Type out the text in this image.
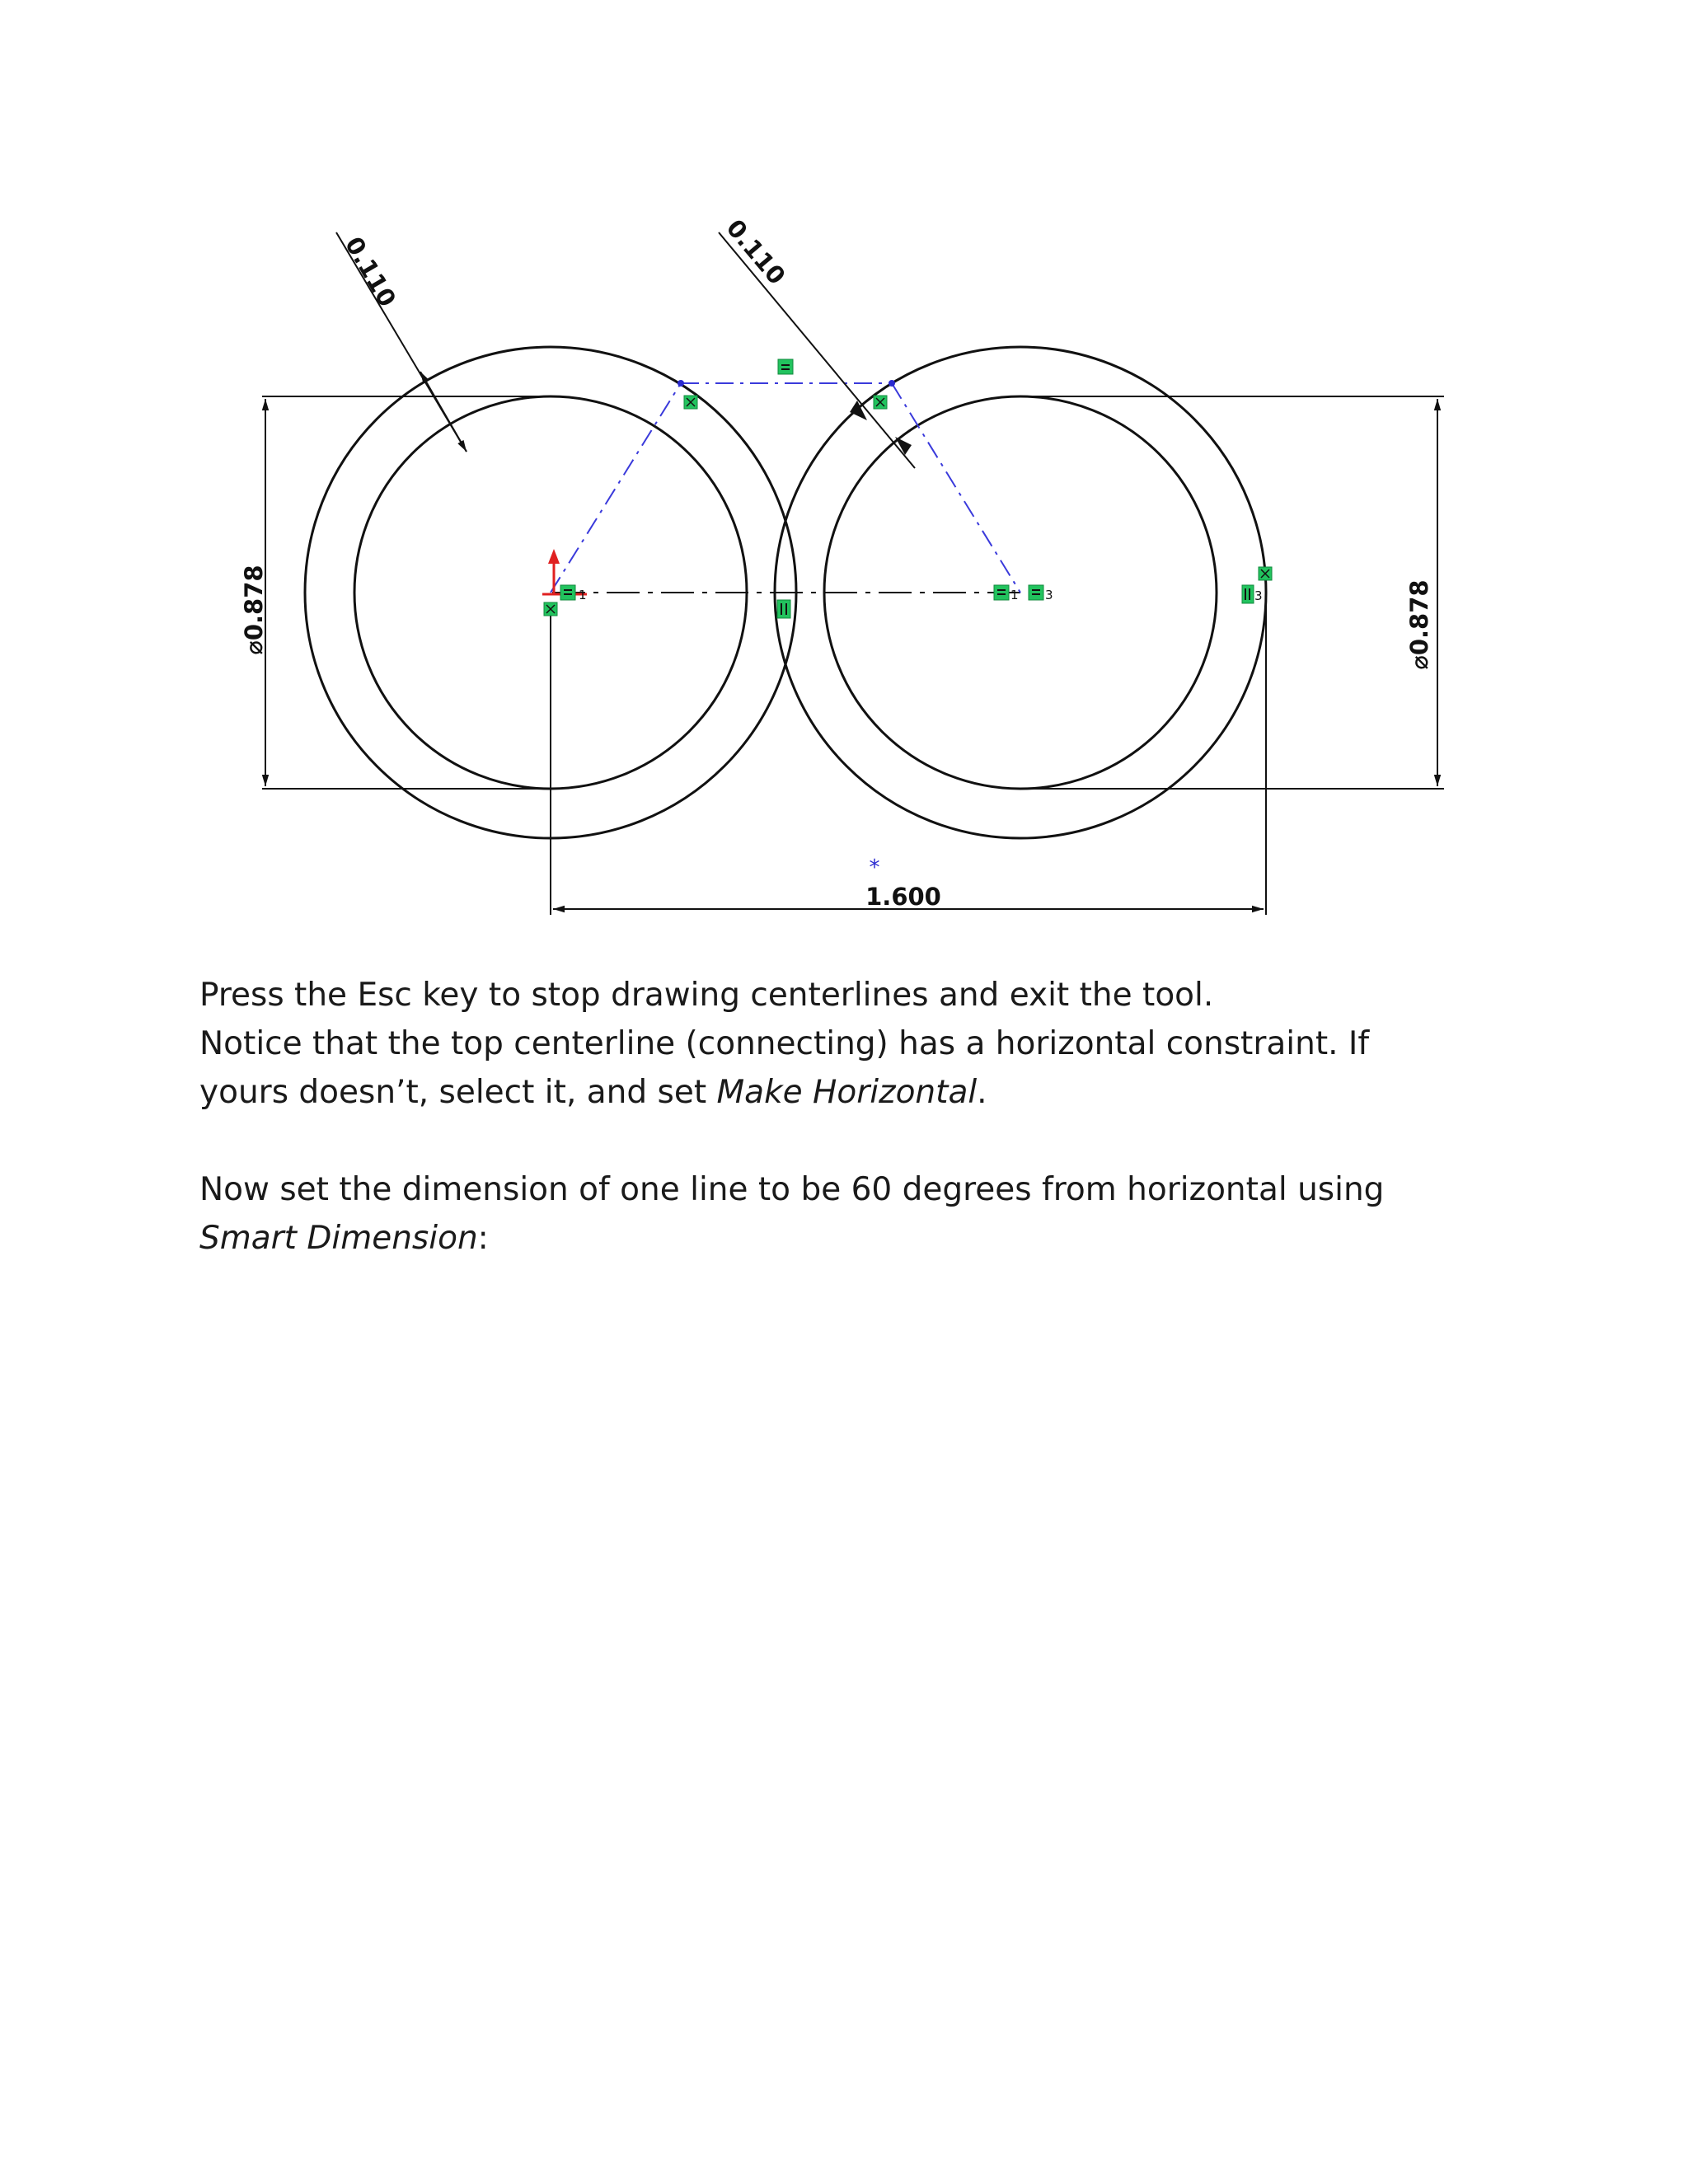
⌀0.878	⌀0.878
1.600
*
0.110	0.110
1	1 3	3

Press the Esc key to stop drawing centerlines and exit the tool.
Notice that the top centerline (connecting) has a horizontal constraint. If yours doesn’t, select it, and set Make Horizontal.

Now set the dimension of one line to be 60 degrees from horizontal using Smart Dimension:
